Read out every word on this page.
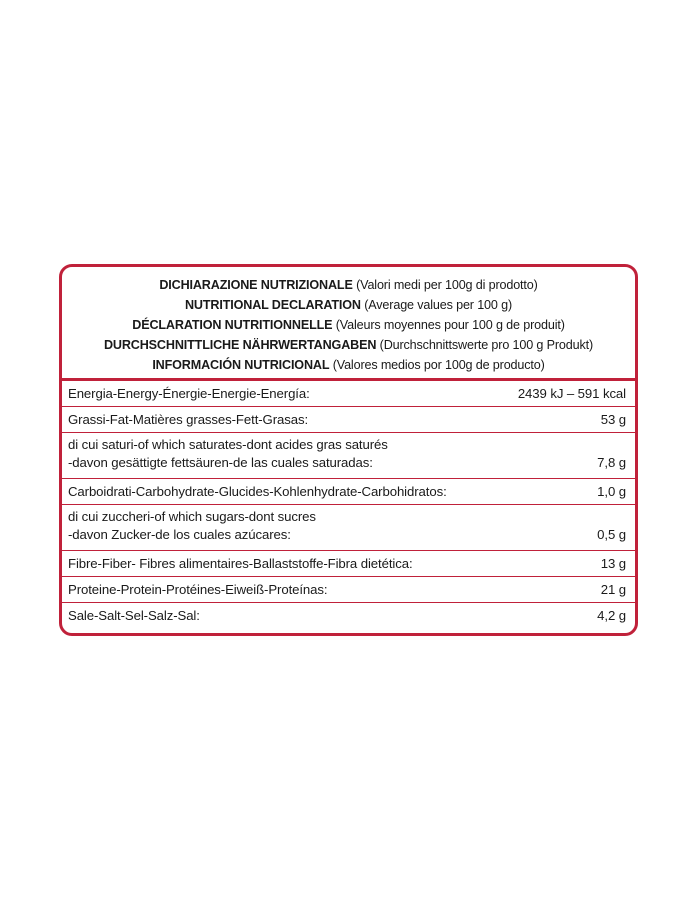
DICHIARAZIONE NUTRIZIONALE (Valori medi per 100g di prodotto)
NUTRITIONAL DECLARATION (Average values per 100 g)
DÉCLARATION NUTRITIONNELLE (Valeurs moyennes pour 100 g de produit)
DURCHSCHNITTLICHE NÄHRWERTANGABEN (Durchschnittswerte pro 100 g Produkt)
INFORMACIÓN NUTRICIONAL (Valores medios por 100g de producto)
Energia-Energy-Énergie-Energie-Energía:	2439 kJ – 591 kcal
Grassi-Fat-Matières grasses-Fett-Grasas:	53 g
di cui saturi-of which saturates-dont acides gras saturés
-davon gesättigte fettsäuren-de las cuales saturadas:	7,8 g
Carboidrati-Carbohydrate-Glucides-Kohlenhydrate-Carbohidratos:	1,0 g
di cui zuccheri-of which sugars-dont sucres
-davon Zucker-de los cuales azúcares:	0,5 g
Fibre-Fiber- Fibres alimentaires-Ballaststoffe-Fibra dietética:	13 g
Proteine-Protein-Protéines-Eiweiß-Proteínas:	21 g
Sale-Salt-Sel-Salz-Sal:	4,2 g
